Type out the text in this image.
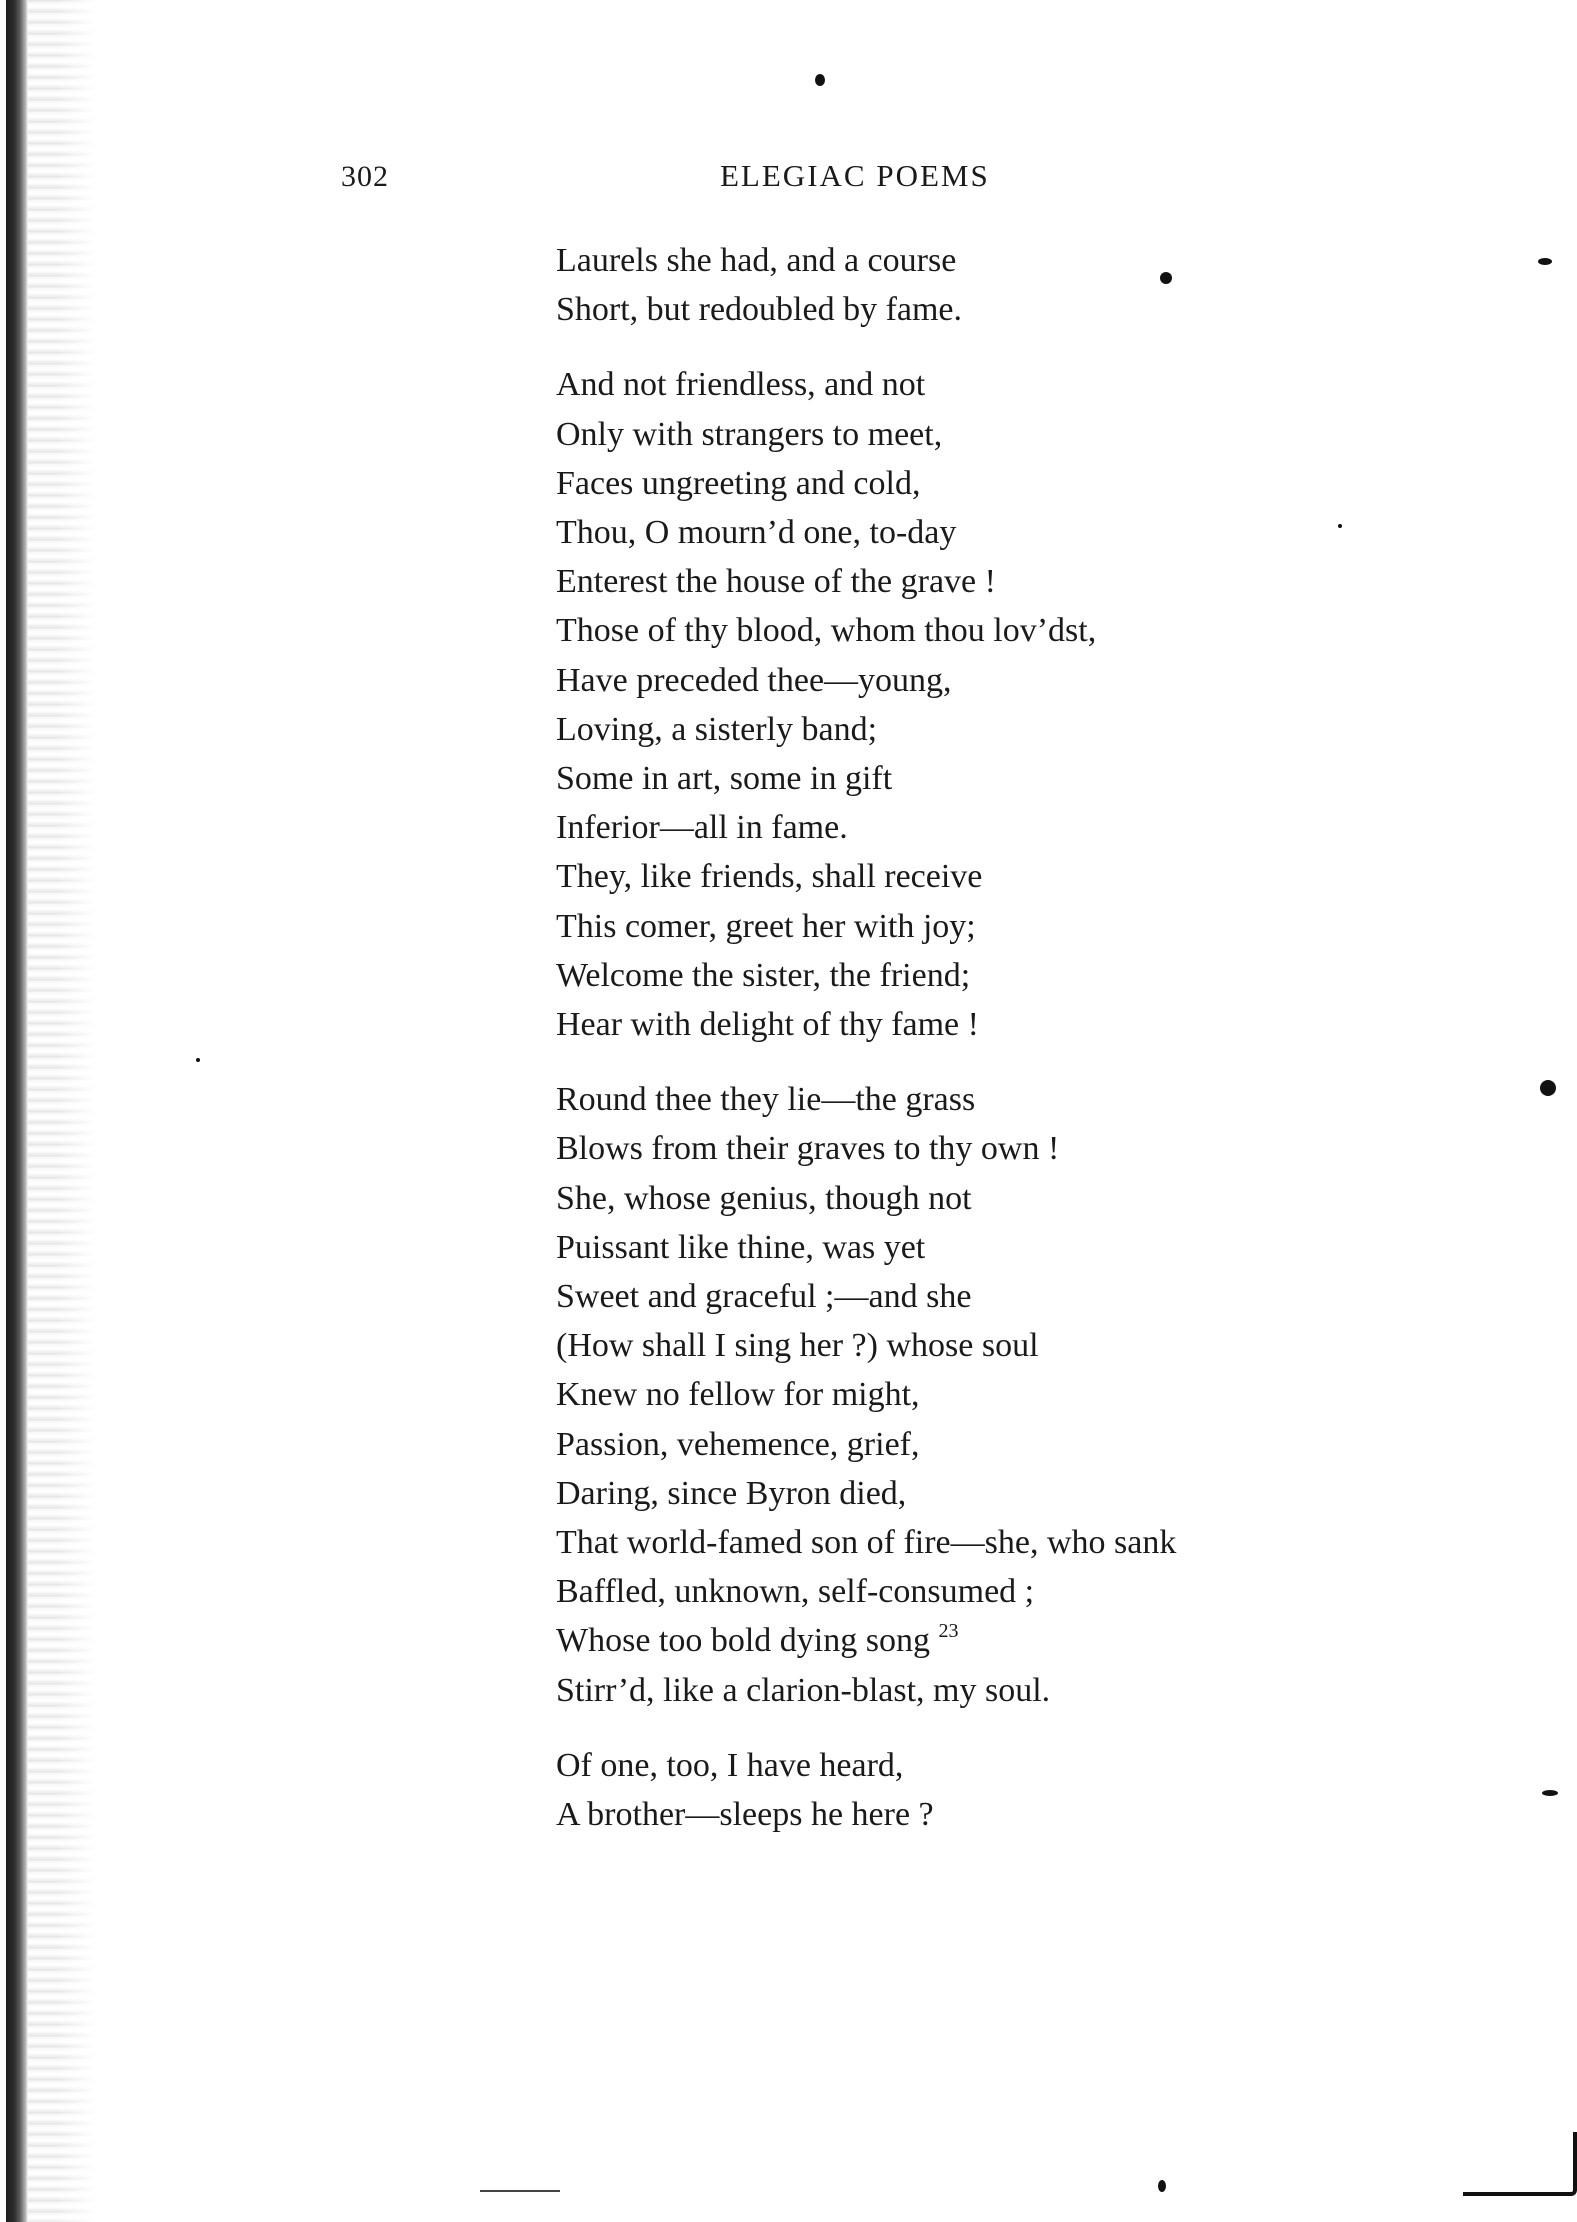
302	ELEGIAC POEMS
Laurels she had, and a course
Short, but redoubled by fame.
And not friendless, and not
Only with strangers to meet,
Faces ungreeting and cold,
Thou, O mourn’d one, to-day
Enterest the house of the grave !
Those of thy blood, whom thou lov’dst,
Have preceded thee—young,
Loving, a sisterly band;
Some in art, some in gift
Inferior—all in fame.
They, like friends, shall receive
This comer, greet her with joy;
Welcome the sister, the friend;
Hear with delight of thy fame !
Round thee they lie—the grass
Blows from their graves to thy own !
She, whose genius, though not
Puissant like thine, was yet
Sweet and graceful ;—and she
(How shall I sing her ?) whose soul
Knew no fellow for might,
Passion, vehemence, grief,
Daring, since Byron died,
That world-famed son of fire—she, who sank
Baffled, unknown, self-consumed ;
Whose too bold dying song $^{23}$
Stirr’d, like a clarion-blast, my soul.
Of one, too, I have heard,
A brother—sleeps he here ?
